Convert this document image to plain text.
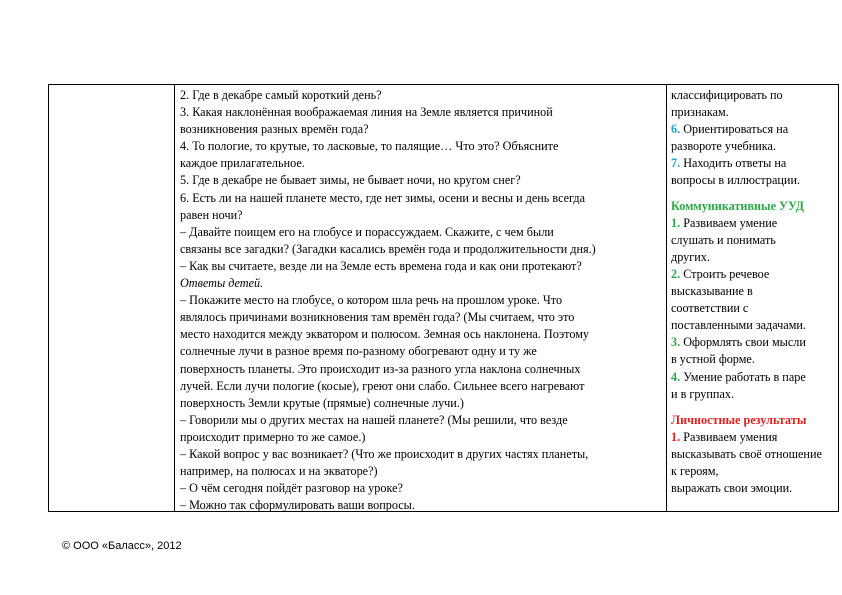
2. Где в декабре самый короткий день?
3. Какая наклонённая воображаемая линия на Земле является причиной
возникновения разных времён года?
4. То пологие, то крутые, то ласковые, то палящие… Что это? Объясните
каждое прилагательное.
5. Где в декабре не бывает зимы, не бывает ночи, но кругом снег?
6. Есть ли на нашей планете место, где нет зимы, осени и весны и день всегда
равен ночи?
– Давайте поищем его на глобусе и порассуждаем. Скажите, с чем были
связаны все загадки? (Загадки касались времён года и продолжительности дня.)
– Как вы считаете, везде ли на Земле есть времена года и как они протекают?
Ответы детей.
– Покажите место на глобусе, о котором шла речь на прошлом уроке. Что
являлось причинами возникновения там времён года? (Мы считаем, что это
место находится между экватором и полюсом. Земная ось наклонена. Поэтому
солнечные лучи в разное время по-разному обогревают одну и ту же
поверхность планеты. Это происходит из-за разного угла наклона солнечных
лучей. Если лучи пологие (косые), греют они слабо. Сильнее всего нагревают
поверхность Земли крутые (прямые) солнечные лучи.)
– Говорили мы о других местах на нашей планете? (Мы решили, что везде
происходит примерно то же самое.)
– Какой вопрос у вас возникает? (Что же происходит в других частях планеты,
например, на полюсах и на экваторе?)
– О чём сегодня пойдёт разговор на уроке?
– Можно так сформулировать ваши вопросы.
классифицировать по
признакам.
6. Ориентироваться на
развороте учебника.
7. Находить ответы на
вопросы в иллюстрации.
Коммуникативные УУД
1. Развиваем умение
слушать и понимать
других.
2. Строить речевое
высказывание в
соответствии с
поставленными задачами.
3. Оформлять свои мысли
в устной форме.
4. Умение работать в паре
и в группах.
Личностные результаты
1. Развиваем умения
высказывать своё отношение
к героям,
выражать свои эмоции.
© ООО «Баласс», 2012
